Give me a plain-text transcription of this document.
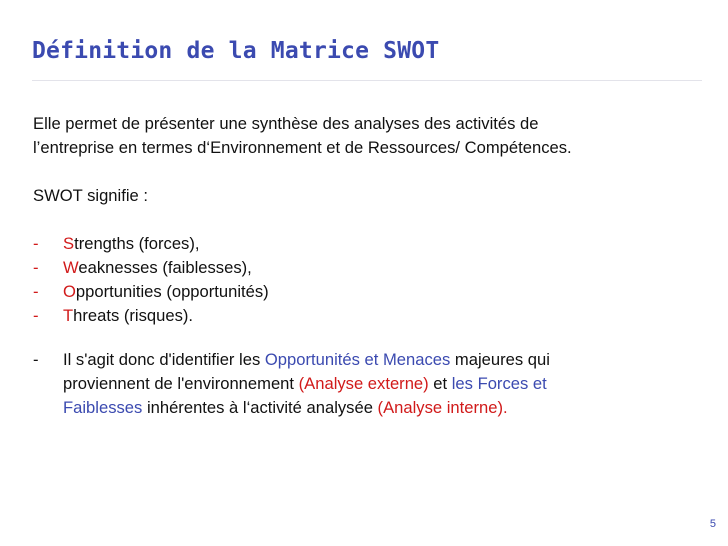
Définition de la Matrice SWOT

Elle permet de présenter une synthèse des analyses des activités de

l’entreprise en termes d‘Environnement et de Ressources/ Compétences.

SWOT signifie :

- Strengths (forces),
- Weaknesses (faiblesses),
- Opportunities (opportunités)
- Threats (risques).
- Il s'agit donc d'identifier les Opportunités et Menaces majeures qui
proviennent de l'environnement (Analyse externe) et les Forces et
Faiblesses inhérentes à l‘activité analysée (Analyse interne).
5
